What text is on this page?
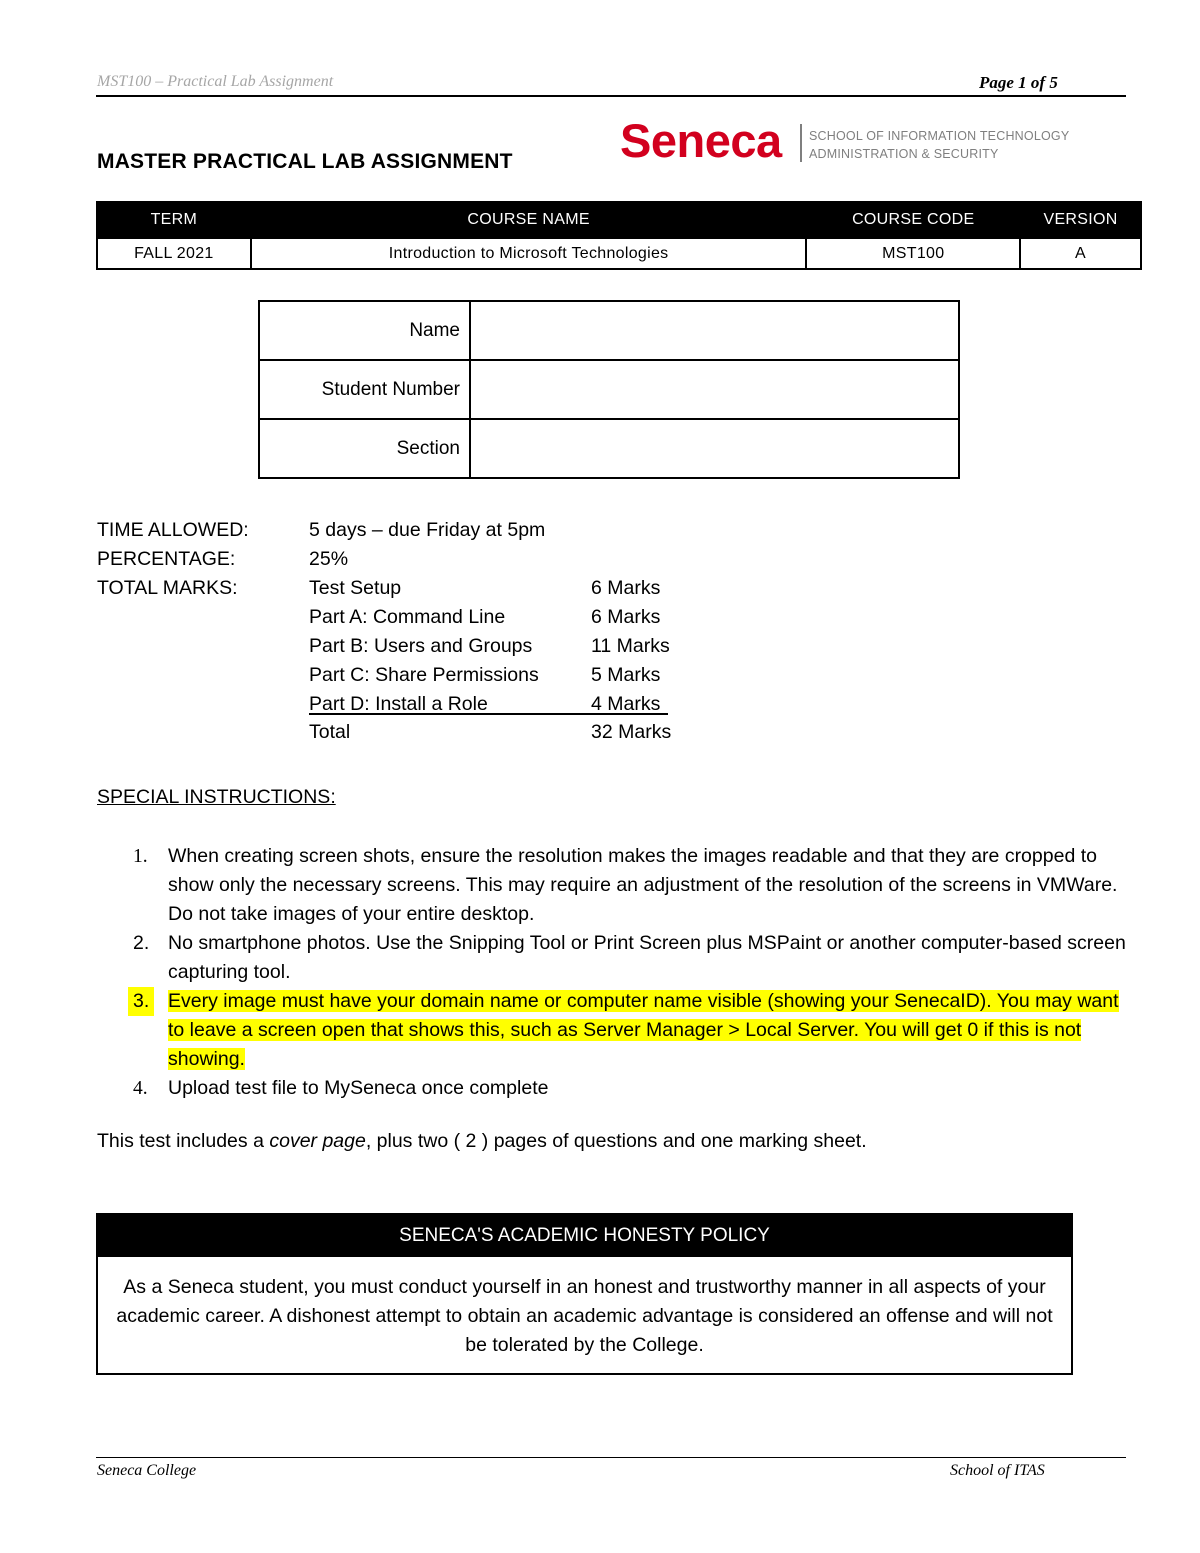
MST100 – Practical Lab Assignment	Page 1 of 5
MASTER PRACTICAL LAB ASSIGNMENT Seneca SCHOOL OF INFORMATION TECHNOLOGY
ADMINISTRATION & SECURITY
TERM	COURSE NAME	COURSE CODE	VERSION
FALL 2021	Introduction to Microsoft Technologies	MST100	A
Name	
Student Number	
Section	
TIME ALLOWED:	5 days – due Friday at 5pm
PERCENTAGE:	25%
TOTAL MARKS:	Test Setup	6 Marks
Part A: Command Line	6 Marks
Part B: Users and Groups	11 Marks
Part C: Share Permissions	5 Marks
Part D: Install a Role	4 Marks
Total	32 Marks
SPECIAL INSTRUCTIONS:
1. When creating screen shots, ensure the resolution makes the images readable and that they are cropped to show only the necessary screens. This may require an adjustment of the resolution of the screens in VMWare. Do not take images of your entire desktop.
2. No smartphone photos. Use the Snipping Tool or Print Screen plus MSPaint or another computer-based screen capturing tool.
3. Every image must have your domain name or computer name visible (showing your SenecaID). You may want to leave a screen open that shows this, such as Server Manager > Local Server. You will get 0 if this is not showing.
4. Upload test file to MySeneca once complete
This test includes a cover page, plus two ( 2 ) pages of questions and one marking sheet.
SENECA'S ACADEMIC HONESTY POLICY
As a Seneca student, you must conduct yourself in an honest and trustworthy manner in all aspects of your academic career. A dishonest attempt to obtain an academic advantage is considered an offense and will not be tolerated by the College.
Seneca College	School of ITAS
